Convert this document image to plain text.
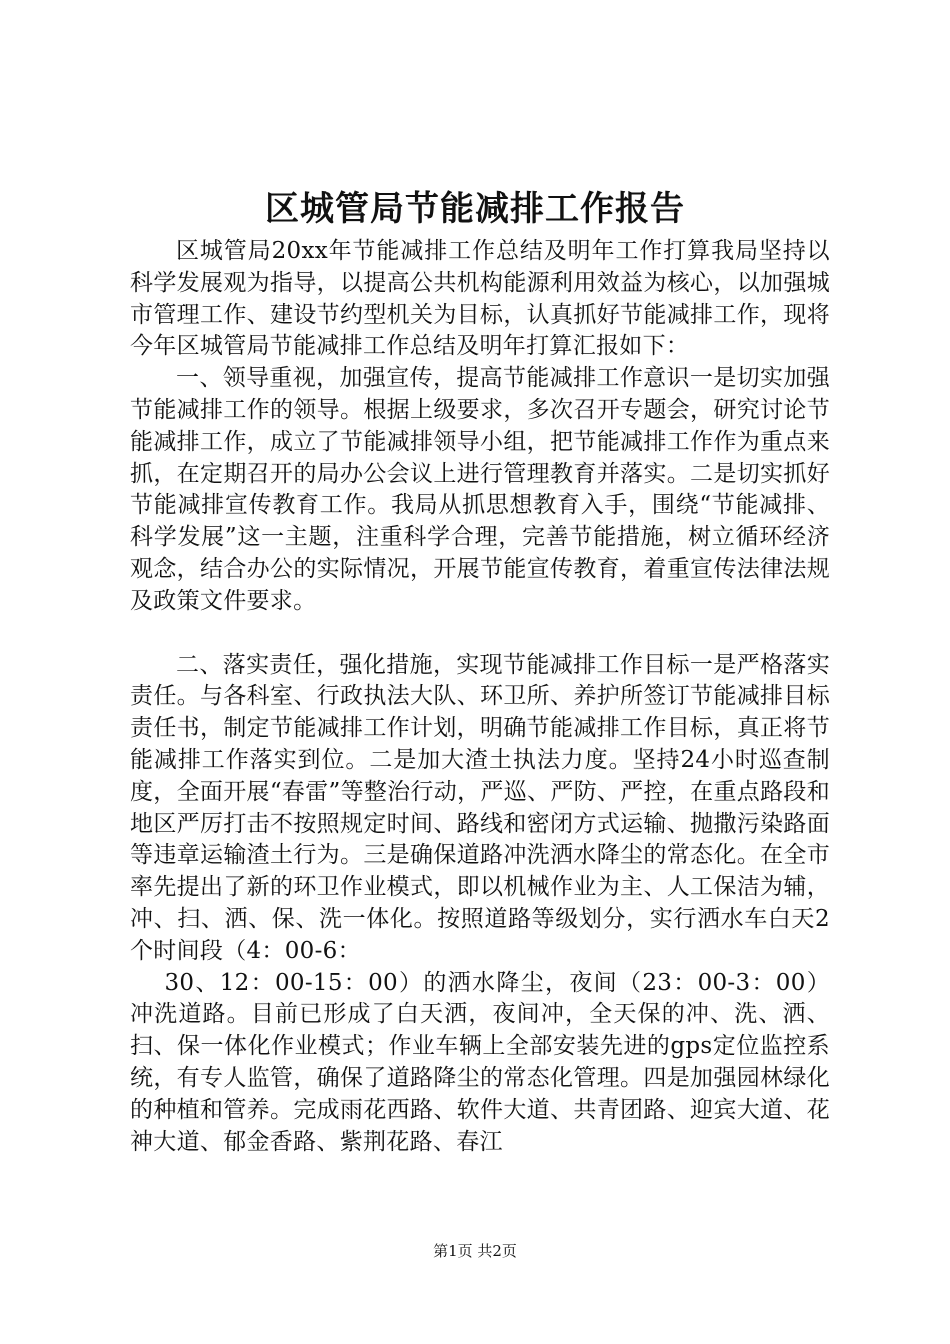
区城管局节能减排工作报告

区城管局20xx年节能减排工作总结及明年工作打算我局坚持以科学发展观为指导，以提高公共机构能源利用效益为核心，以加强城市管理工作、建设节约型机关为目标，认真抓好节能减排工作，现将今年区城管局节能减排工作总结及明年打算汇报如下：

一、领导重视，加强宣传，提高节能减排工作意识一是切实加强节能减排工作的领导。根据上级要求，多次召开专题会，研究讨论节能减排工作，成立了节能减排领导小组，把节能减排工作作为重点来抓，在定期召开的局办公会议上进行管理教育并落实。二是切实抓好节能减排宣传教育工作。我局从抓思想教育入手，围绕“节能减排、科学发展”这一主题，注重科学合理，完善节能措施，树立循环经济观念，结合办公的实际情况，开展节能宣传教育，着重宣传法律法规及政策文件要求。

二、落实责任，强化措施，实现节能减排工作目标一是严格落实责任。与各科室、行政执法大队、环卫所、养护所签订节能减排目标责任书，制定节能减排工作计划，明确节能减排工作目标，真正将节能减排工作落实到位。二是加大渣土执法力度。坚持24小时巡查制度，全面开展“春雷”等整治行动，严巡、严防、严控，在重点路段和地区严厉打击不按照规定时间、路线和密闭方式运输、抛撒污染路面等违章运输渣土行为。三是确保道路冲洗洒水降尘的常态化。在全市率先提出了新的环卫作业模式，即以机械作业为主、人工保洁为辅，冲、扫、洒、保、洗一体化。按照道路等级划分，实行洒水车白天2个时间段（4：00-6：

30、12：00-15：00）的洒水降尘，夜间（23：00-3：00）冲洗道路。目前已形成了白天洒，夜间冲，全天保的冲、洗、洒、扫、保一体化作业模式；作业车辆上全部安装先进的gps定位监控系统，有专人监管，确保了道路降尘的常态化管理。四是加强园林绿化的种植和管养。完成雨花西路、软件大道、共青团路、迎宾大道、花神大道、郁金香路、紫荆花路、春江

第1页 共2页
